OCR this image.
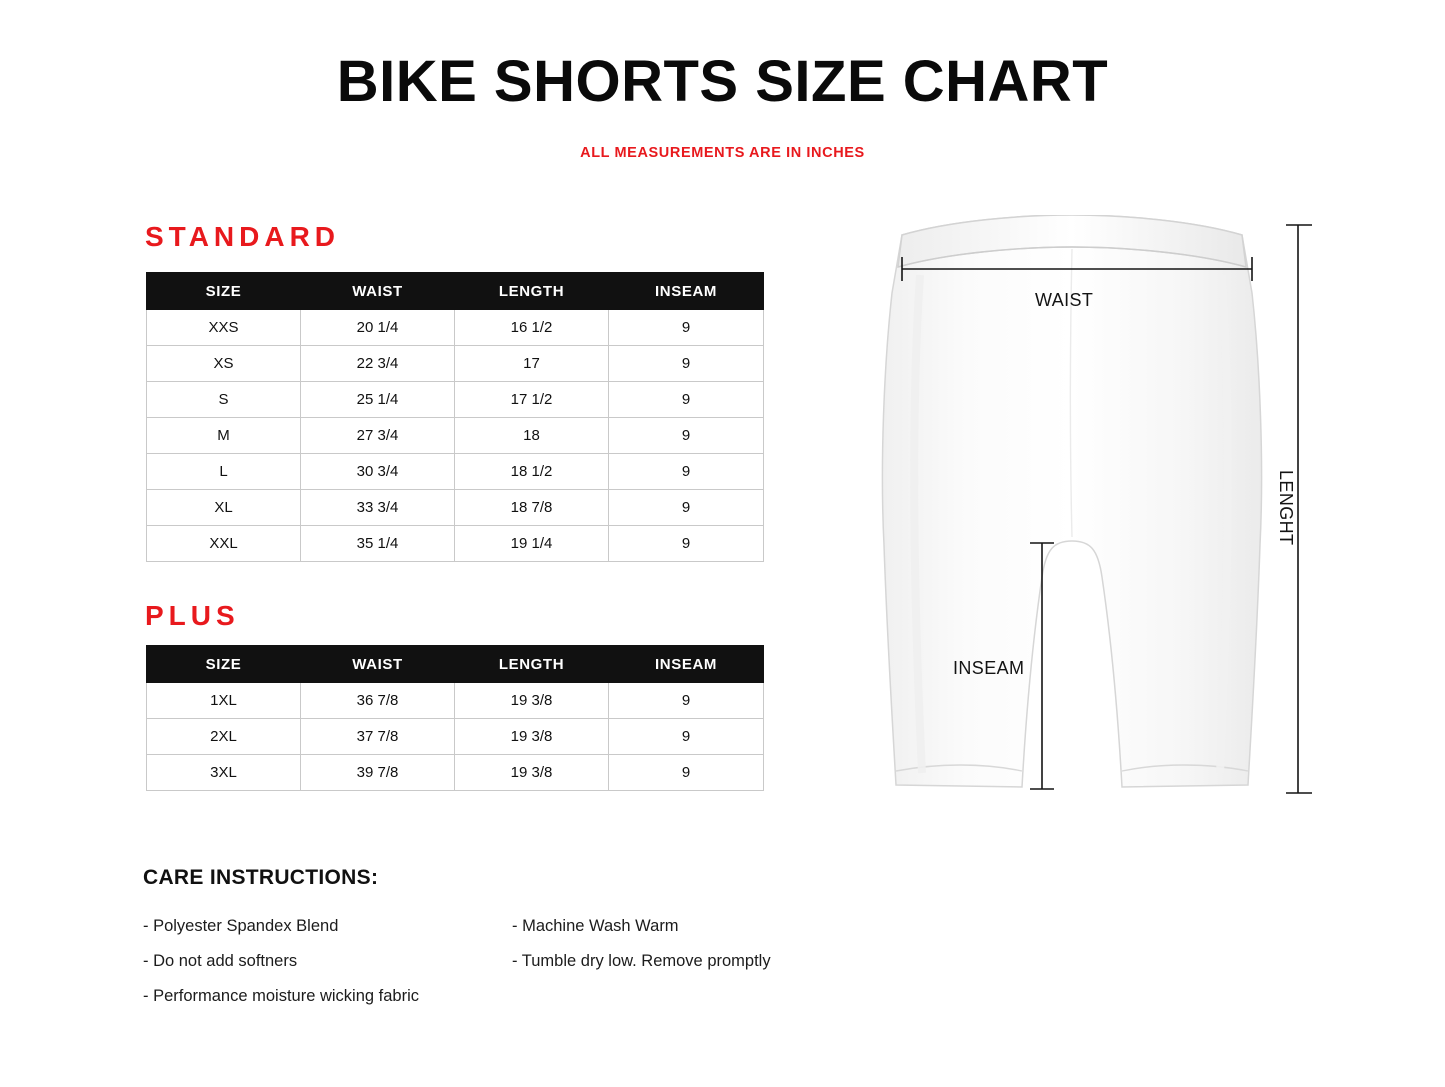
BIKE SHORTS SIZE CHART
ALL MEASUREMENTS ARE IN INCHES
STANDARD
SIZE	WAIST	LENGTH	INSEAM
XXS	20 1/4	16 1/2	9
XS	22 3/4	17	9
S	25 1/4	17 1/2	9
M	27 3/4	18	9
L	30 3/4	18 1/2	9
XL	33 3/4	18 7/8	9
XXL	35 1/4	19 1/4	9
PLUS
SIZE	WAIST	LENGTH	INSEAM
1XL	36 7/8	19 3/8	9
2XL	37 7/8	19 3/8	9
3XL	39 7/8	19 3/8	9
CARE INSTRUCTIONS:
- Polyester Spandex Blend
- Do not add softners
- Performance moisture wicking fabric
- Machine Wash Warm
- Tumble dry low. Remove promptly
WAIST
INSEAM
LENGHT
